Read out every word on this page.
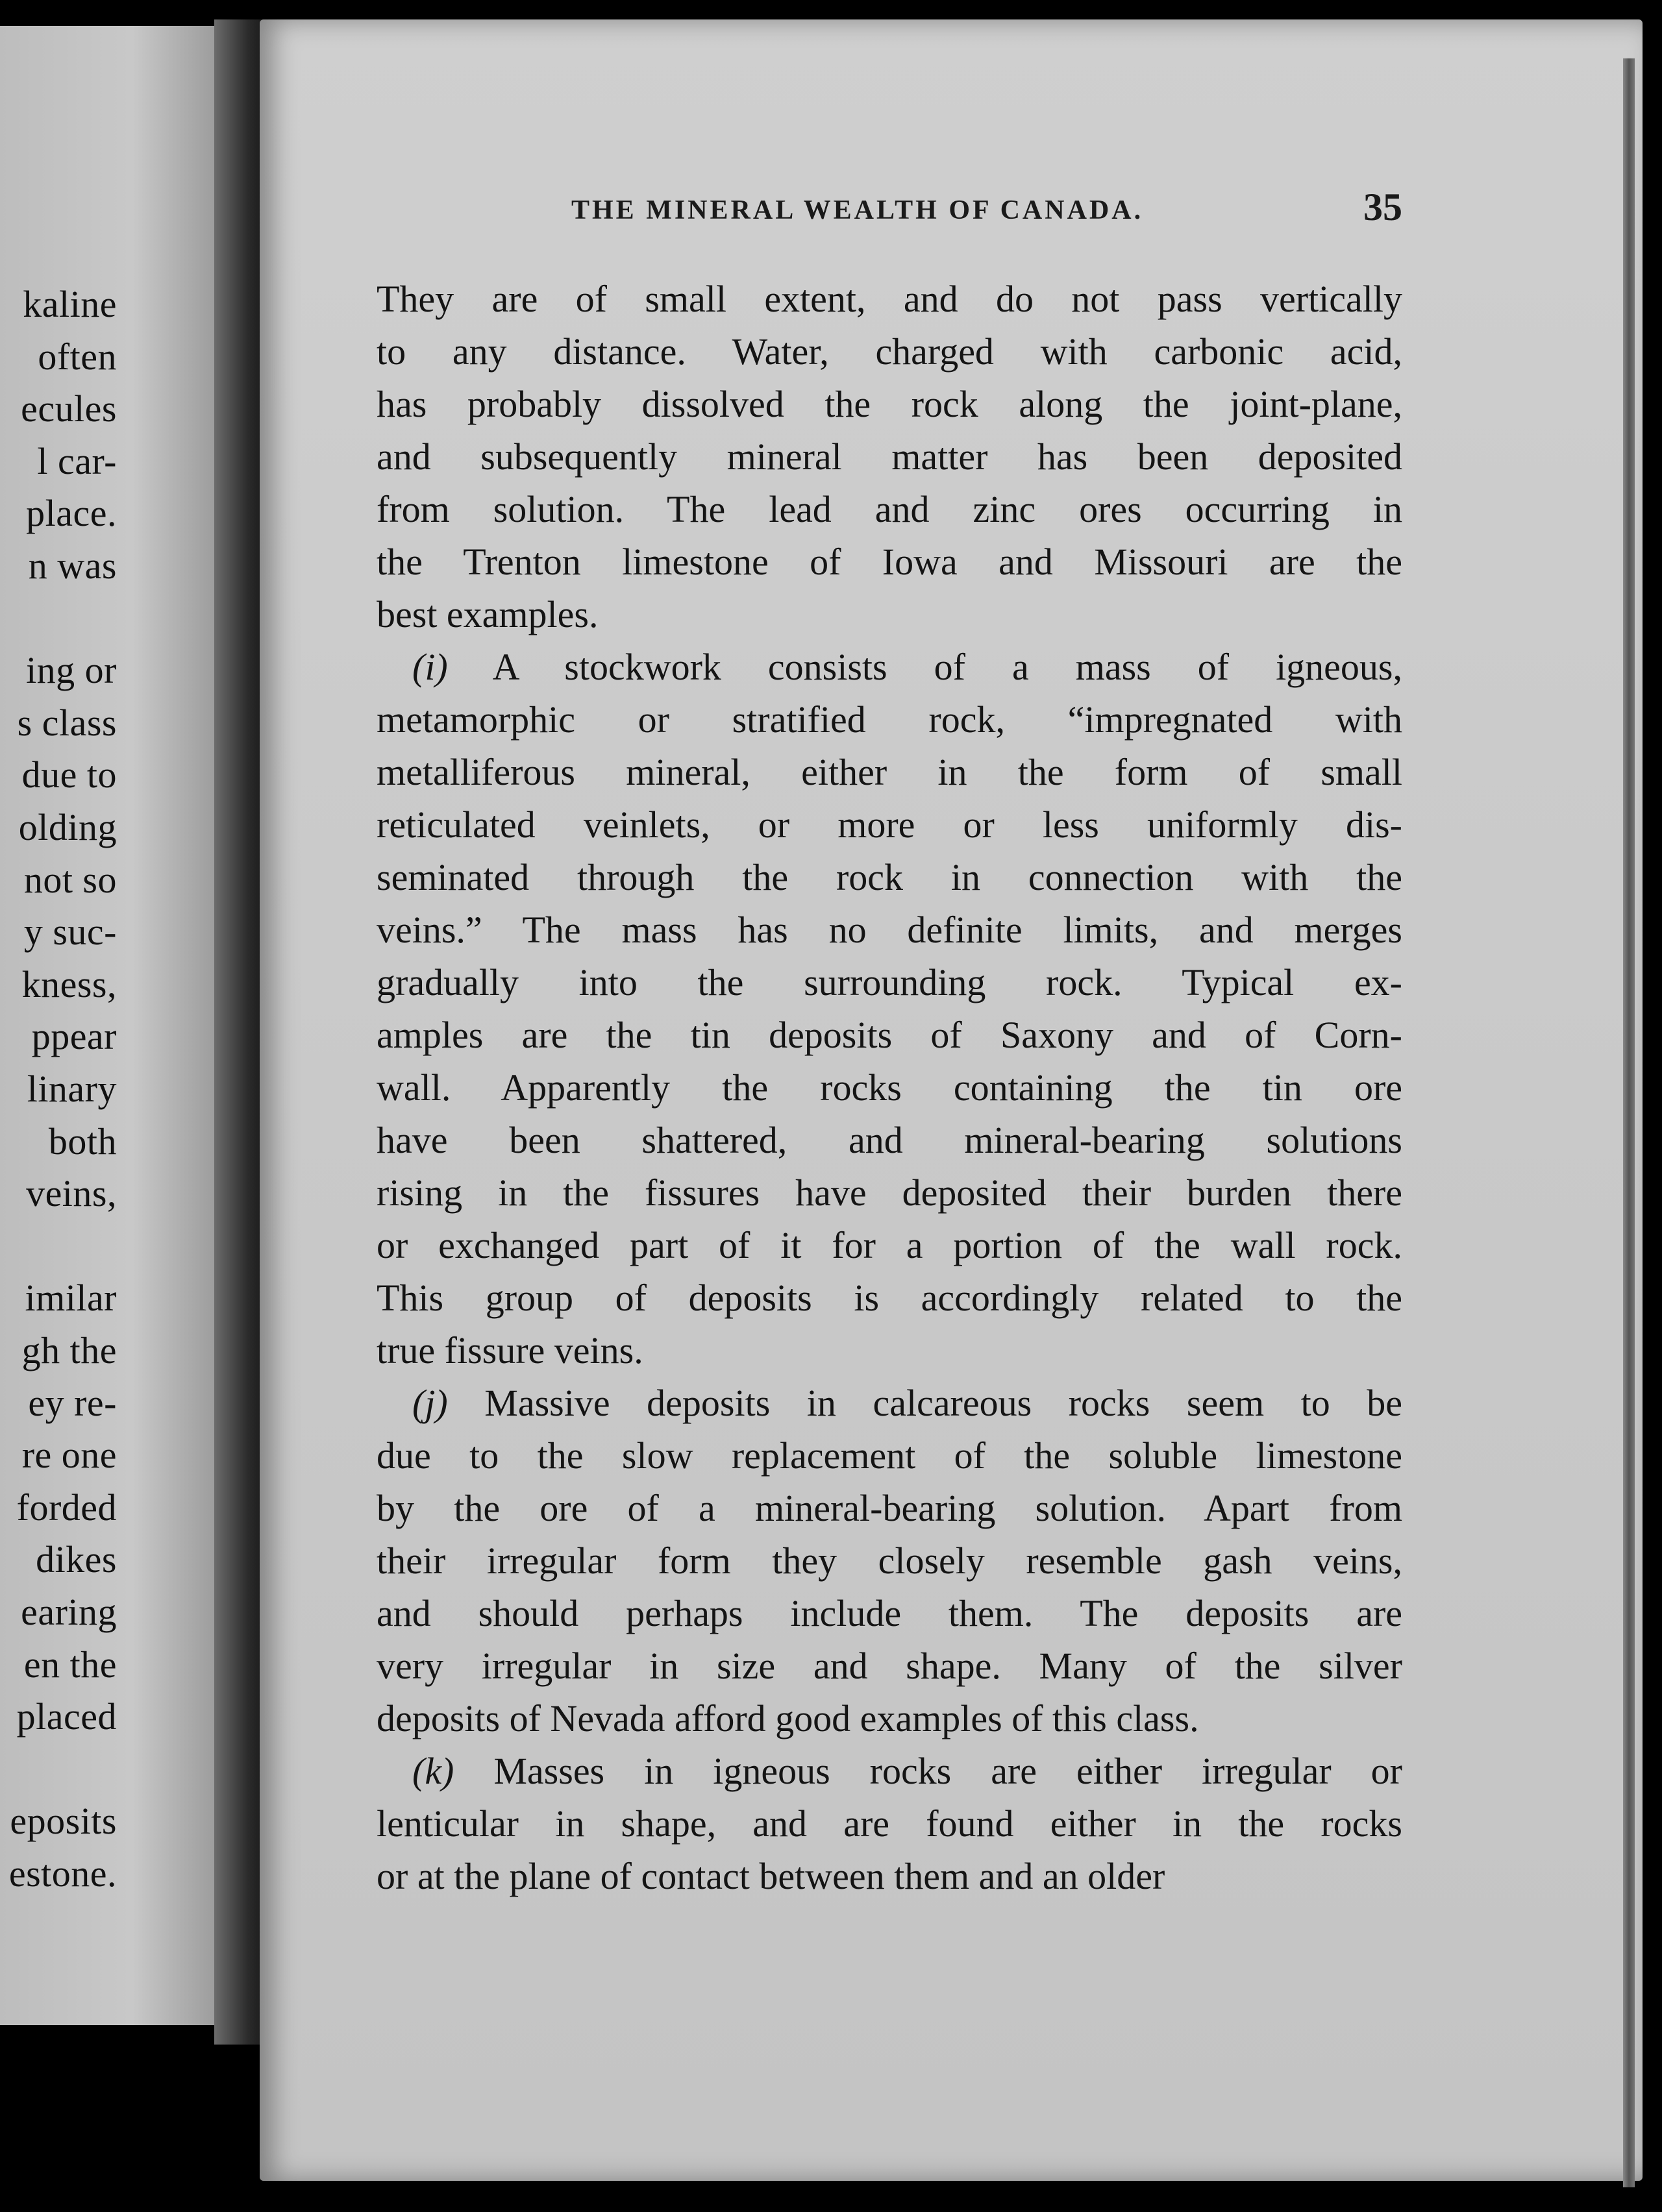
kaline
often
ecules
l car-
place.
n was
ing or
s class
due to
olding
not so
y suc-
kness,
ppear
linary
both
veins,
imilar
gh the
ey re-
re one
forded
dikes
earing
en the
placed
eposits
estone.
THE MINERAL WEALTH OF CANADA.	35
They are of small extent, and do not pass vertically
to any distance. Water, charged with carbonic acid,
has probably dissolved the rock along the joint-plane,
and subsequently mineral matter has been deposited
from solution. The lead and zinc ores occurring in
the Trenton limestone of Iowa and Missouri are the
best examples.
(i) A stockwork consists of a mass of igneous,
metamorphic or stratified rock, “impregnated with
metalliferous mineral, either in the form of small
reticulated veinlets, or more or less uniformly dis-
seminated through the rock in connection with the
veins.” The mass has no definite limits, and merges
gradually into the surrounding rock. Typical ex-
amples are the tin deposits of Saxony and of Corn-
wall. Apparently the rocks containing the tin ore
have been shattered, and mineral-bearing solutions
rising in the fissures have deposited their burden there
or exchanged part of it for a portion of the wall rock.
This group of deposits is accordingly related to the
true fissure veins.
(j) Massive deposits in calcareous rocks seem to be
due to the slow replacement of the soluble limestone
by the ore of a mineral-bearing solution. Apart from
their irregular form they closely resemble gash veins,
and should perhaps include them. The deposits are
very irregular in size and shape. Many of the silver
deposits of Nevada afford good examples of this class.
(k) Masses in igneous rocks are either irregular or
lenticular in shape, and are found either in the rocks
or at the plane of contact between them and an older
